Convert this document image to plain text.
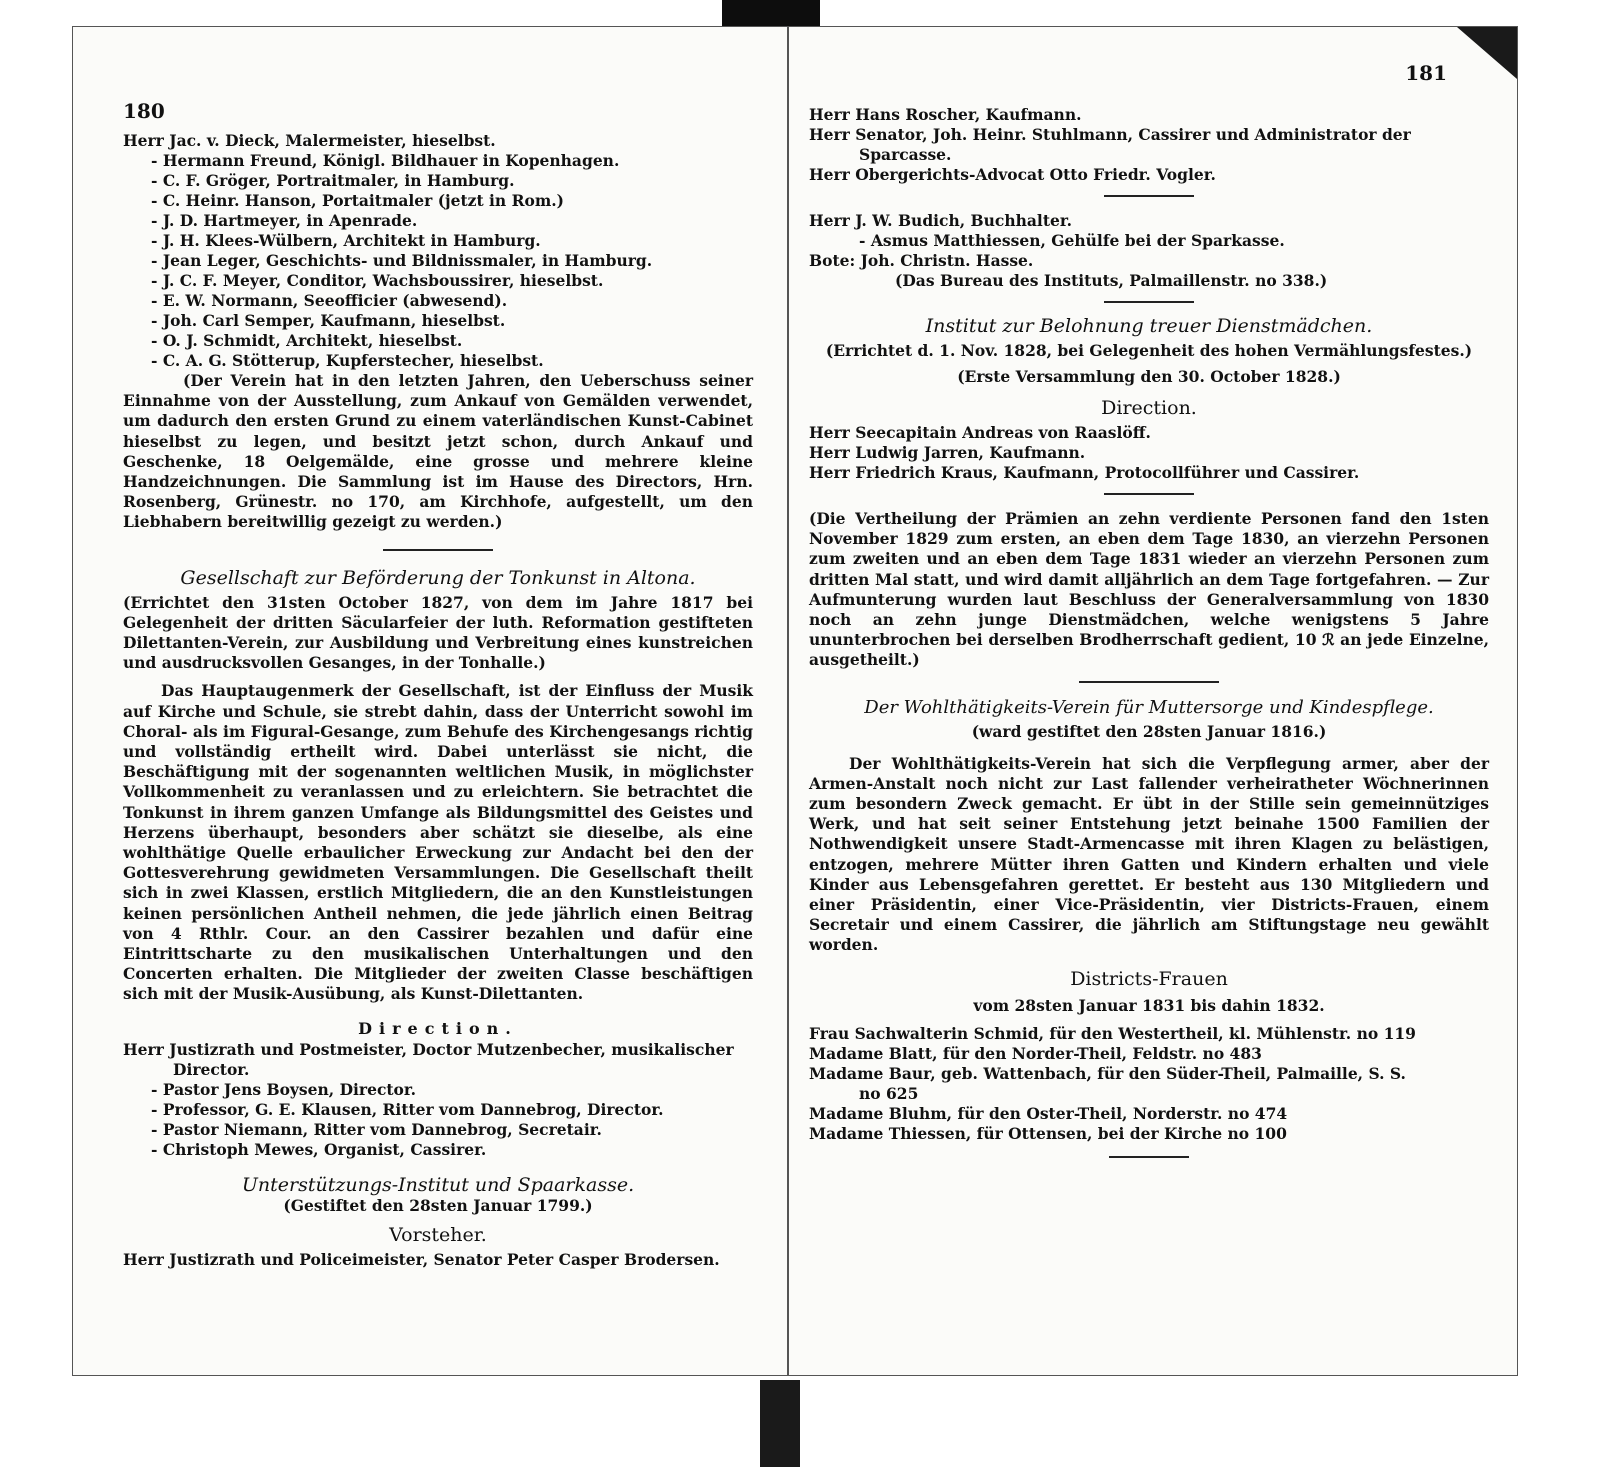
180
Herr Jac. v. Dieck, Malermeister, hieselbst.
- Hermann Freund, Königl. Bildhauer in Kopenhagen.
- C. F. Gröger, Portraitmaler, in Hamburg.
- C. Heinr. Hanson, Portaitmaler (jetzt in Rom.)
- J. D. Hartmeyer, in Apenrade.
- J. H. Klees-Wülbern, Architekt in Hamburg.
- Jean Leger, Geschichts- und Bildnissmaler, in Hamburg.
- J. C. F. Meyer, Conditor, Wachsboussirer, hieselbst.
- E. W. Normann, Seeofficier (abwesend).
- Joh. Carl Semper, Kaufmann, hieselbst.
- O. J. Schmidt, Architekt, hieselbst.
- C. A. G. Stötterup, Kupferstecher, hieselbst.
(Der Verein hat in den letzten Jahren, den Ueberschuss seiner Einnahme von der Ausstellung, zum Ankauf von Gemälden verwendet, um dadurch den ersten Grund zu einem vaterländischen Kunst-Cabinet hieselbst zu legen, und besitzt jetzt schon, durch Ankauf und Geschenke, 18 Oelgemälde, eine grosse und mehrere kleine Handzeichnungen. Die Sammlung ist im Hause des Directors, Hrn. Rosenberg, Grünestr. no 170, am Kirchhofe, aufgestellt, um den Liebhabern bereitwillig gezeigt zu werden.)
Gesellschaft zur Beförderung der Tonkunst in Altona.
(Errichtet den 31sten October 1827, von dem im Jahre 1817 bei Gelegenheit der dritten Säcularfeier der luth. Reformation gestifteten Dilettanten-Verein, zur Ausbildung und Verbreitung eines kunstreichen und ausdrucksvollen Gesanges, in der Tonhalle.)
Das Hauptaugenmerk der Gesellschaft, ist der Einfluss der Musik auf Kirche und Schule, sie strebt dahin, dass der Unterricht sowohl im Choral- als im Figural-Gesange, zum Behufe des Kirchengesangs richtig und vollständig ertheilt wird. Dabei unterlässt sie nicht, die Beschäftigung mit der sogenannten weltlichen Musik, in möglichster Vollkommenheit zu veranlassen und zu erleichtern. Sie betrachtet die Tonkunst in ihrem ganzen Umfange als Bildungsmittel des Geistes und Herzens überhaupt, besonders aber schätzt sie dieselbe, als eine wohlthätige Quelle erbaulicher Erweckung zur Andacht bei den der Gottesverehrung gewidmeten Versammlungen. Die Gesellschaft theilt sich in zwei Klassen, erstlich Mitgliedern, die an den Kunstleistungen keinen persönlichen Antheil nehmen, die jede jährlich einen Beitrag von 4 Rthlr. Cour. an den Cassirer bezahlen und dafür eine Eintrittscharte zu den musikalischen Unterhaltungen und den Concerten erhalten. Die Mitglieder der zweiten Classe beschäftigen sich mit der Musik-Ausübung, als Kunst-Dilettanten.
Direction.
Herr Justizrath und Postmeister, Doctor Mutzenbecher, musikalischer
Director.
- Pastor Jens Boysen, Director.
- Professor, G. E. Klausen, Ritter vom Dannebrog, Director.
- Pastor Niemann, Ritter vom Dannebrog, Secretair.
- Christoph Mewes, Organist, Cassirer.
Unterstützungs-Institut und Spaarkasse.
(Gestiftet den 28sten Januar 1799.)
Vorsteher.
Herr Justizrath und Policeimeister, Senator Peter Casper Brodersen.
181
Herr Hans Roscher, Kaufmann.
Herr Senator, Joh. Heinr. Stuhlmann, Cassirer und Administrator der
Sparcasse.
Herr Obergerichts-Advocat Otto Friedr. Vogler.
Herr J. W. Budich, Buchhalter.
- Asmus Matthiessen, Gehülfe bei der Sparkasse.
Bote: Joh. Christn. Hasse.
(Das Bureau des Instituts, Palmaillenstr. no 338.)
Institut zur Belohnung treuer Dienstmädchen.
(Errichtet d. 1. Nov. 1828, bei Gelegenheit des hohen Vermählungsfestes.)
(Erste Versammlung den 30. October 1828.)
Direction.
Herr Seecapitain Andreas von Raaslöff.
Herr Ludwig Jarren, Kaufmann.
Herr Friedrich Kraus, Kaufmann, Protocollführer und Cassirer.
(Die Vertheilung der Prämien an zehn verdiente Personen fand den 1sten November 1829 zum ersten, an eben dem Tage 1830, an vierzehn Personen zum zweiten und an eben dem Tage 1831 wieder an vierzehn Personen zum dritten Mal statt, und wird damit alljährlich an dem Tage fortgefahren. — Zur Aufmunterung wurden laut Beschluss der Generalversammlung von 1830 noch an zehn junge Dienstmädchen, welche wenigstens 5 Jahre ununterbrochen bei derselben Brodherrschaft gedient, 10 ℛ an jede Einzelne, ausgetheilt.)
Der Wohlthätigkeits-Verein für Muttersorge und Kindespflege.
(ward gestiftet den 28sten Januar 1816.)
Der Wohlthätigkeits-Verein hat sich die Verpflegung armer, aber der Armen-Anstalt noch nicht zur Last fallender verheiratheter Wöchnerinnen zum besondern Zweck gemacht. Er übt in der Stille sein gemeinnütziges Werk, und hat seit seiner Entstehung jetzt beinahe 1500 Familien der Nothwendigkeit unsere Stadt-Armencasse mit ihren Klagen zu belästigen, entzogen, mehrere Mütter ihren Gatten und Kindern erhalten und viele Kinder aus Lebensgefahren gerettet. Er besteht aus 130 Mitgliedern und einer Präsidentin, einer Vice-Präsidentin, vier Districts-Frauen, einem Secretair und einem Cassirer, die jährlich am Stiftungstage neu gewählt worden.
Districts-Frauen
vom 28sten Januar 1831 bis dahin 1832.
Frau Sachwalterin Schmid, für den Westertheil, kl. Mühlenstr. no 119
Madame Blatt, für den Norder-Theil, Feldstr. no 483
Madame Baur, geb. Wattenbach, für den Süder-Theil, Palmaille, S. S.
no 625
Madame Bluhm, für den Oster-Theil, Norderstr. no 474
Madame Thiessen, für Ottensen, bei der Kirche no 100
